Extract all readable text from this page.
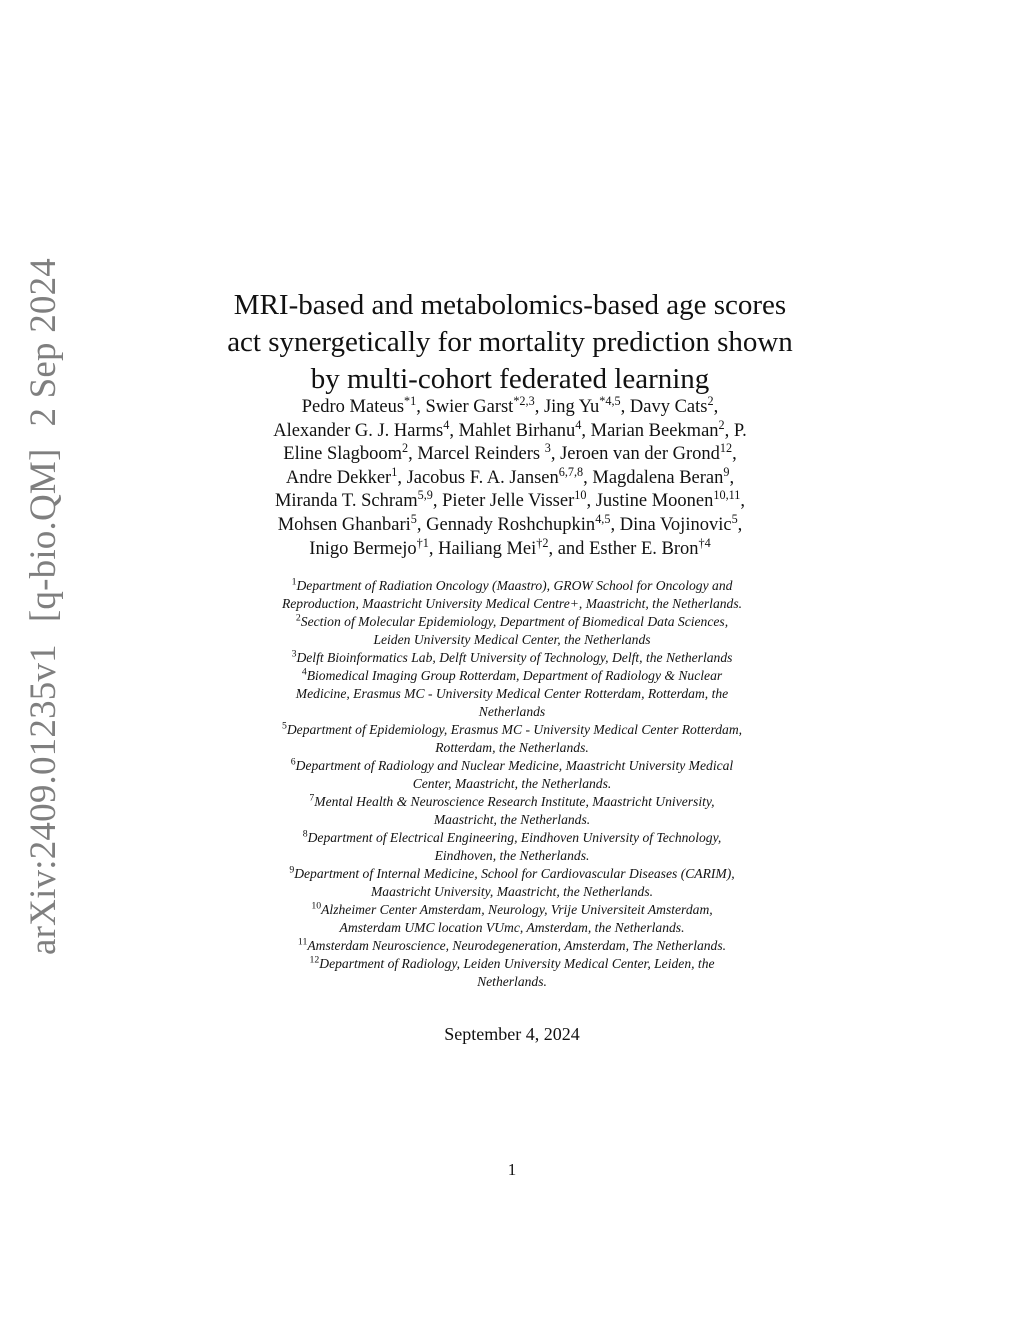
arXiv:2409.01235v1[q-bio.QM]2 Sep 2024	MRI-based and metabolomics-based age scores
act synergetically for mortality prediction shown
by multi-cohort federated learning
Pedro Mateus$^{*1}$, Swier Garst$^{*2,3}$, Jing Yu$^{*4,5}$, Davy Cats$^2$,
Alexander G. J. Harms$^4$, Mahlet Birhanu$^4$, Marian Beekman$^2$, P.
Eline Slagboom$^2$, Marcel Reinders $^3$, Jeroen van der Grond$^{12}$,
Andre Dekker$^1$, Jacobus F. A. Jansen$^{6,7,8}$, Magdalena Beran$^9$,
Miranda T. Schram$^{5,9}$, Pieter Jelle Visser$^{10}$, Justine Moonen$^{10,11}$,
Mohsen Ghanbari$^5$, Gennady Roshchupkin$^{4,5}$, Dina Vojinovic$^5$,
Inigo Bermejo$^{\dagger 1}$, Hailiang Mei$^{\dagger 2}$, and Esther E. Bron$^{\dagger 4}$
$^1$Department of Radiation Oncology (Maastro), GROW School for Oncology and
Reproduction, Maastricht University Medical Centre+, Maastricht, the Netherlands.
$^2$Section of Molecular Epidemiology, Department of Biomedical Data Sciences,
Leiden University Medical Center, the Netherlands
$^3$Delft Bioinformatics Lab, Delft University of Technology, Delft, the Netherlands
$^4$Biomedical Imaging Group Rotterdam, Department of Radiology & Nuclear
Medicine, Erasmus MC - University Medical Center Rotterdam, Rotterdam, the
Netherlands
$^5$Department of Epidemiology, Erasmus MC - University Medical Center Rotterdam,
Rotterdam, the Netherlands.
$^6$Department of Radiology and Nuclear Medicine, Maastricht University Medical
Center, Maastricht, the Netherlands.
$^7$Mental Health & Neuroscience Research Institute, Maastricht University,
Maastricht, the Netherlands.
$^8$Department of Electrical Engineering, Eindhoven University of Technology,
Eindhoven, the Netherlands.
$^9$Department of Internal Medicine, School for Cardiovascular Diseases (CARIM),
Maastricht University, Maastricht, the Netherlands.
$^{10}$Alzheimer Center Amsterdam, Neurology, Vrije Universiteit Amsterdam,
Amsterdam UMC location VUmc, Amsterdam, the Netherlands.
$^{11}$Amsterdam Neuroscience, Neurodegeneration, Amsterdam, The Netherlands.
$^{12}$Department of Radiology, Leiden University Medical Center, Leiden, the
Netherlands.
September 4, 2024
1
